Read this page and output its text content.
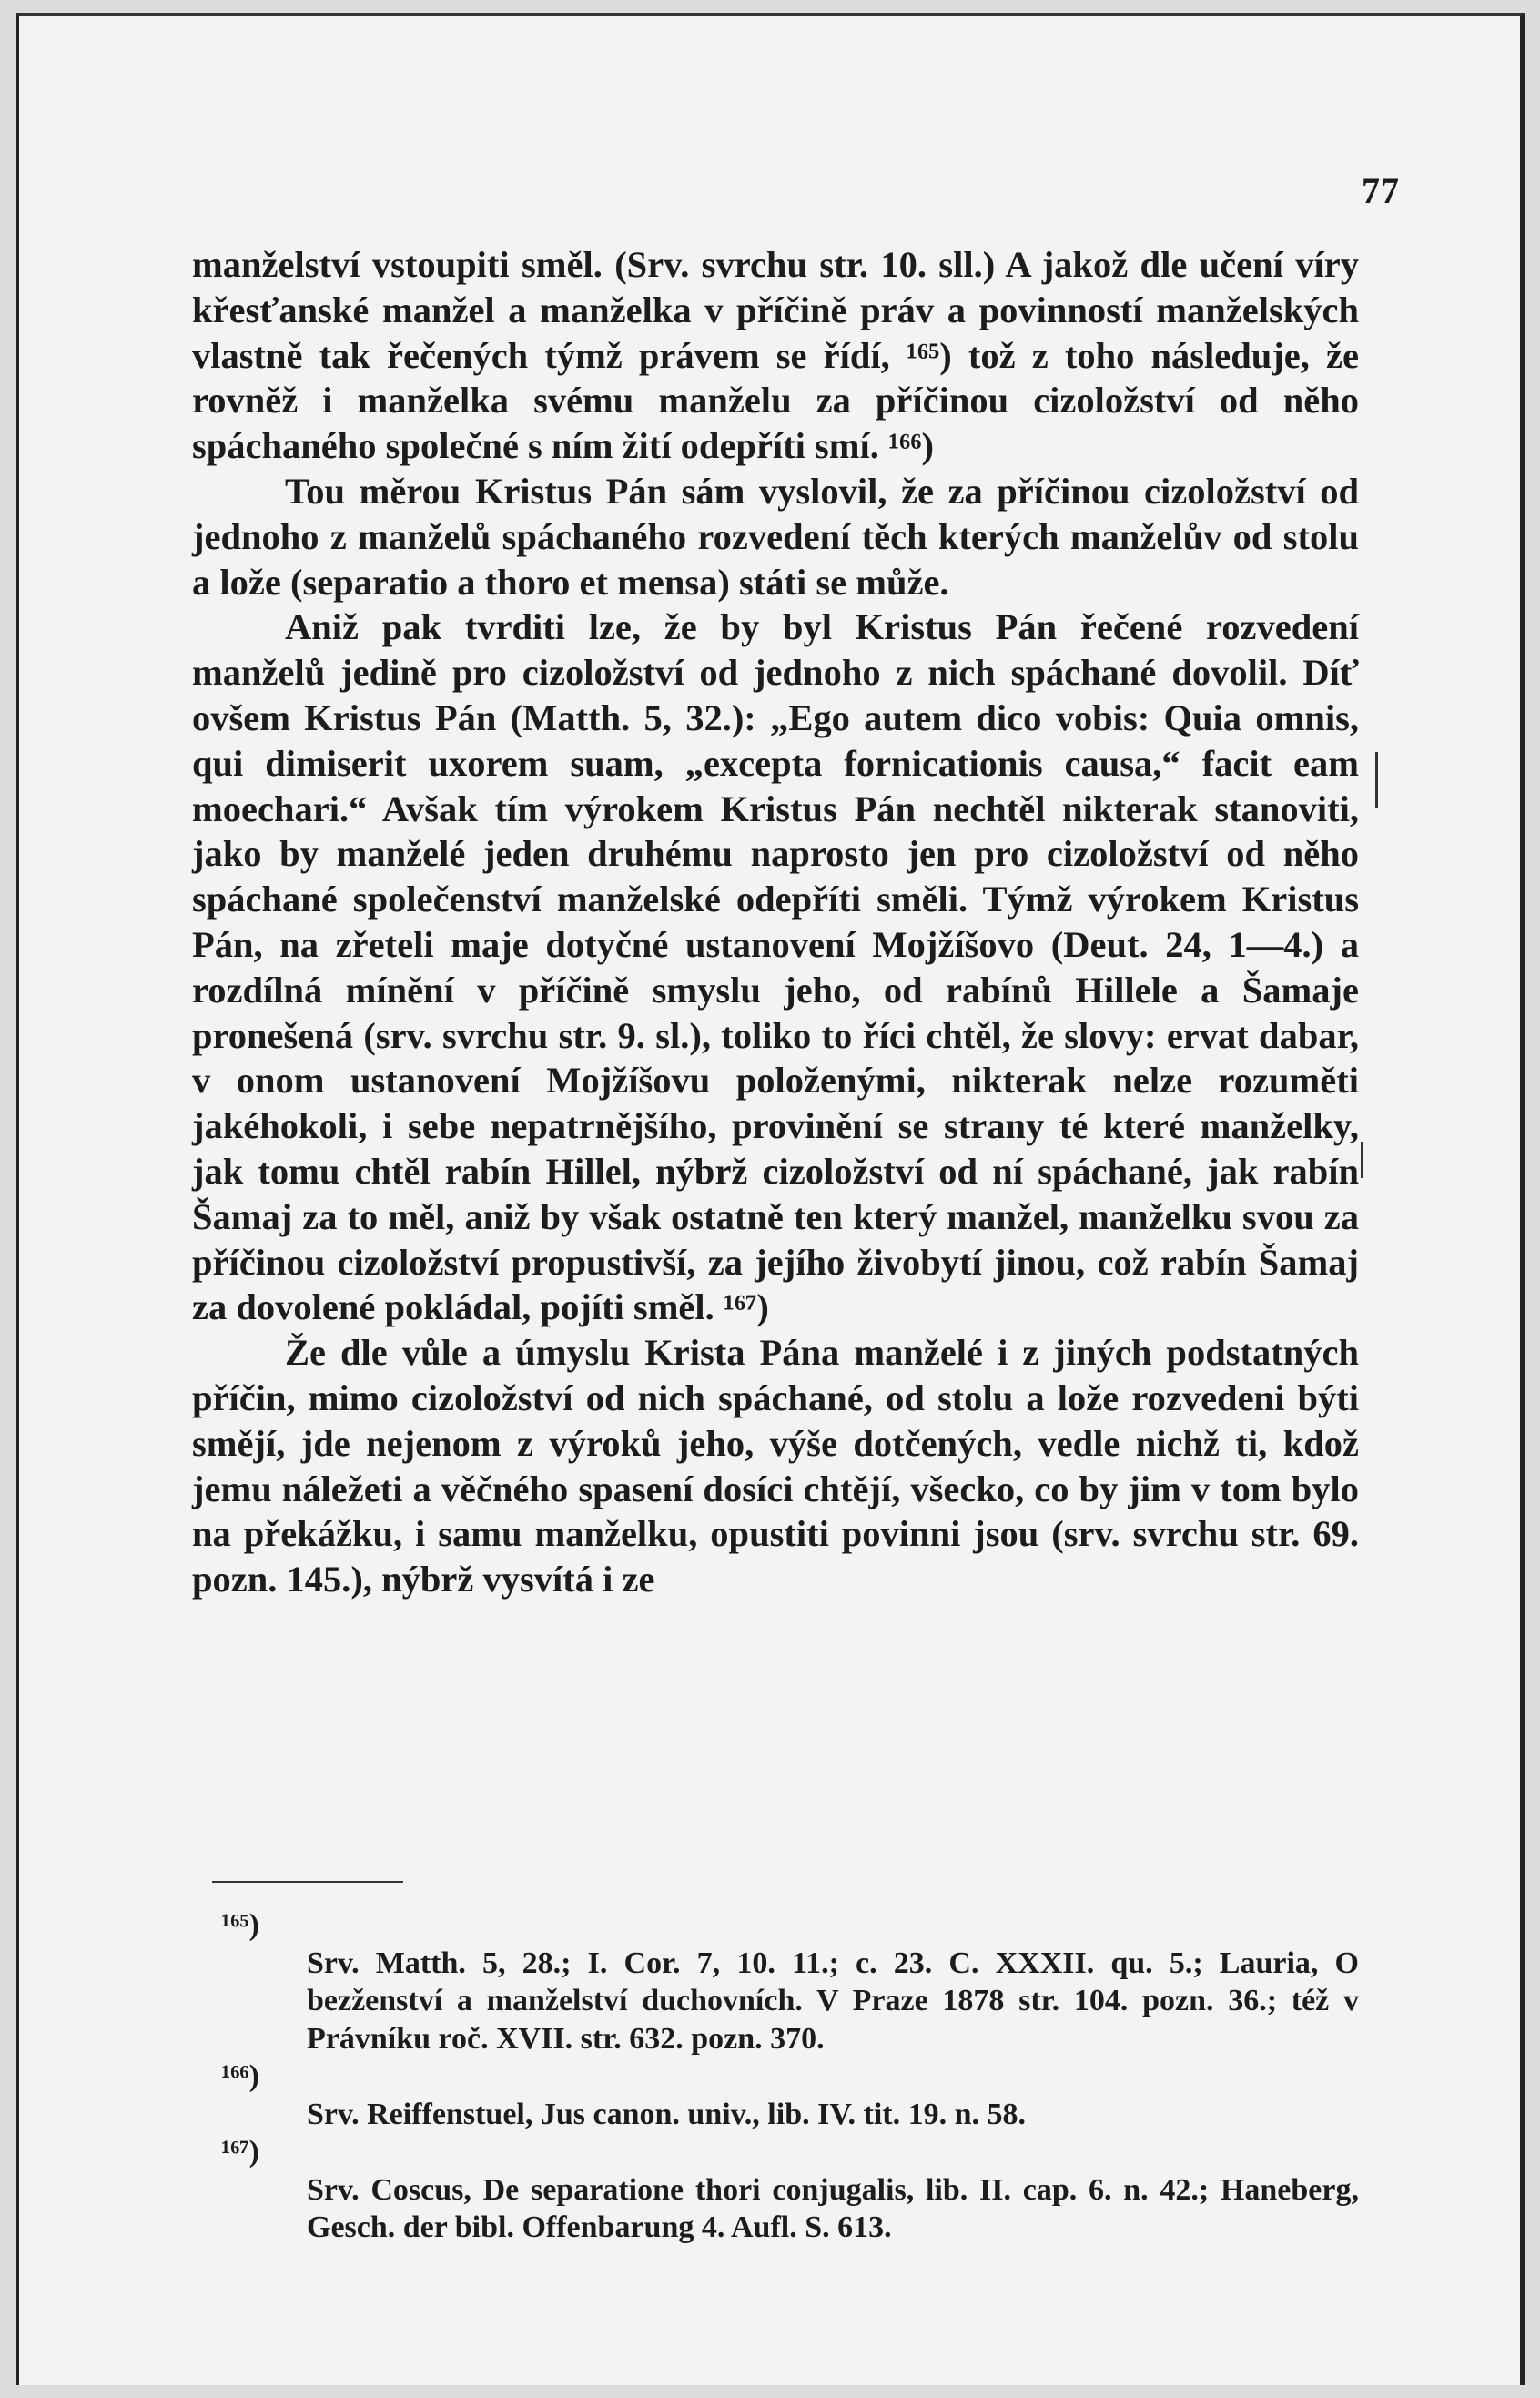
77

manželství vstoupiti směl. (Srv. svrchu str. 10. sll.) A jakož dle učení víry křesťanské manžel a manželka v příčině práv a povinností manželských vlastně tak řečených týmž právem se řídí, ¹⁶⁵) tož z toho následuje, že rovněž i manželka svému manželu za příčinou cizoložství od něho spáchaného společné s ním žití odepříti smí. ¹⁶⁶)

Tou měrou Kristus Pán sám vyslovil, že za příčinou cizoložství od jednoho z manželů spáchaného rozvedení těch kterých manželův od stolu a lože (separatio a thoro et mensa) státi se může.

Aniž pak tvrditi lze, že by byl Kristus Pán řečené rozvedení manželů jedině pro cizoložství od jednoho z nich spáchané dovolil. Díť ovšem Kristus Pán (Matth. 5, 32.): „Ego autem dico vobis: Quia omnis, qui dimiserit uxorem suam, „excepta fornicationis causa,“ facit eam moechari.“ Avšak tím výrokem Kristus Pán nechtěl nikterak stanoviti, jako by manželé jeden druhému naprosto jen pro cizoložství od něho spáchané společenství manželské odepříti směli. Týmž výrokem Kristus Pán, na zřeteli maje dotyčné ustanovení Mojžíšovo (Deut. 24, 1—4.) a rozdílná mínění v příčině smyslu jeho, od rabínů Hillele a Šamaje pronešená (srv. svrchu str. 9. sl.), toliko to říci chtěl, že slovy: ervat dabar, v onom ustanovení Mojžíšovu položenými, nikterak nelze rozuměti jakéhokoli, i sebe nepatrnějšího, provinění se strany té které manželky, jak tomu chtěl rabín Hillel, nýbrž cizoložství od ní spáchané, jak rabín Šamaj za to měl, aniž by však ostatně ten který manžel, manželku svou za příčinou cizoložství propustivší, za jejího živobytí jinou, což rabín Šamaj za dovolené pokládal, pojíti směl. ¹⁶⁷)

Že dle vůle a úmyslu Krista Pána manželé i z jiných podstatných příčin, mimo cizoložství od nich spáchané, od stolu a lože rozvedeni býti smějí, jde nejenom z výroků jeho, výše dotčených, vedle nichž ti, kdož jemu náležeti a věčného spasení dosíci chtějí, všecko, co by jim v tom bylo na překážku, i samu manželku, opustiti povinni jsou (srv. svrchu str. 69. pozn. 145.), nýbrž vysvítá i ze

¹⁶⁵)
Srv. Matth. 5, 28.; I. Cor. 7, 10. 11.; c. 23. C. XXXII. qu. 5.; Lauria, O bezženství a manželství duchovních. V Praze 1878 str. 104. pozn. 36.; též v Právníku roč. XVII. str. 632. pozn. 370.
¹⁶⁶)
Srv. Reiffenstuel, Jus canon. univ., lib. IV. tit. 19. n. 58.
¹⁶⁷)
Srv. Coscus, De separatione thori conjugalis, lib. II. cap. 6. n. 42.; Haneberg, Gesch. der bibl. Offenbarung 4. Aufl. S. 613.
